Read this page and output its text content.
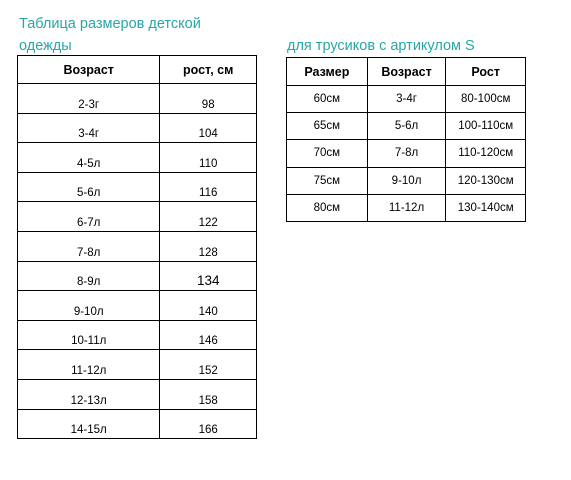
Таблица размеров детской
одежды	для трусиков с артикулом S
Возраст	рост, см
2-3г	98
3-4г	104
4-5л	110
5-6л	116
6-7л	122
7-8л	128
8-9л	134
9-10л	140
10-11л	146
11-12л	152
12-13л	158
14-15л	166
Размер	Возраст	Рост
60см	3-4г	80-100см
65см	5-6л	100-110см
70см	7-8л	110-120см
75см	9-10л	120-130см
80см	11-12л	130-140см
